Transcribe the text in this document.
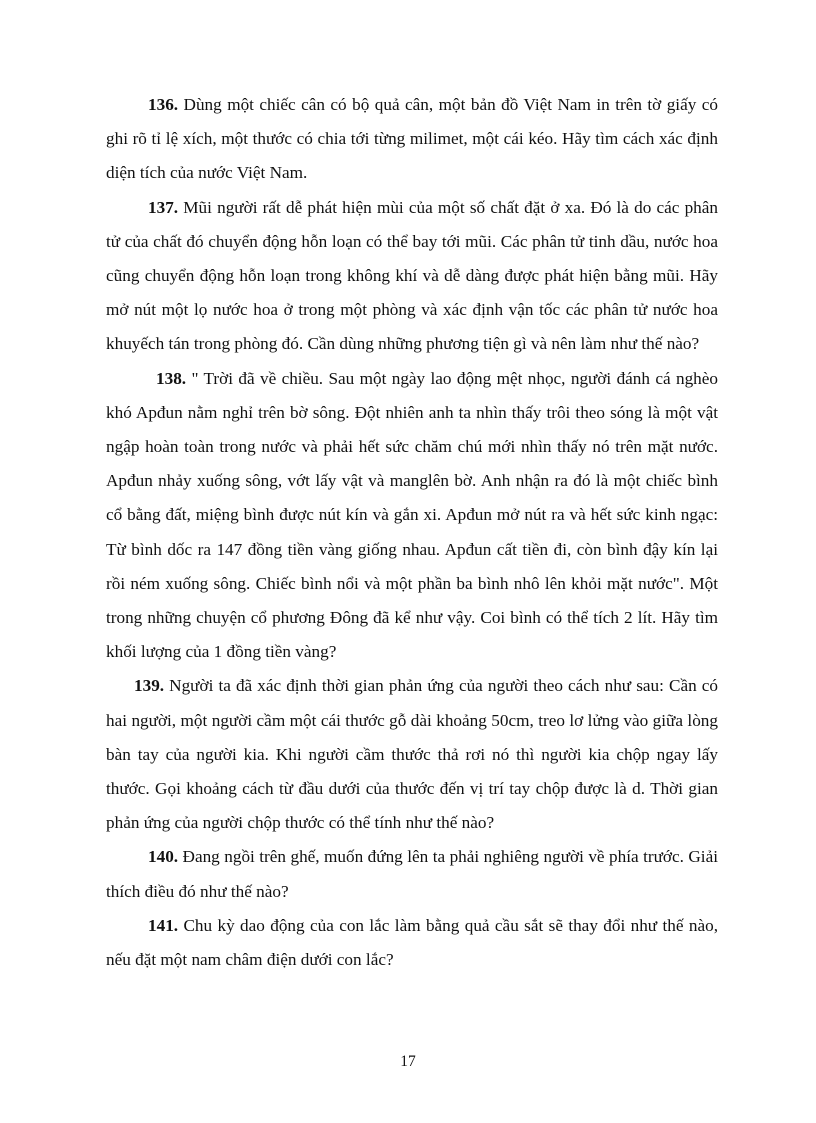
136. Dùng một chiếc cân có bộ quả cân, một bản đồ Việt Nam in trên tờ giấy có ghi rõ tỉ lệ xích, một thước có chia tới từng milimet, một cái kéo. Hãy tìm cách xác định diện tích của nước Việt Nam.

137. Mũi người rất dễ phát hiện mùi của một số chất đặt ở xa. Đó là do các phân tử của chất đó chuyển động hỗn loạn có thể bay tới mũi. Các phân tử tinh dầu, nước hoa cũng chuyển động hỗn loạn trong không khí và dễ dàng được phát hiện bằng mũi. Hãy mở nút một lọ nước hoa ở trong một phòng và xác định vận tốc các phân tử nước hoa khuyếch tán trong phòng đó. Cần dùng những phương tiện gì và nên làm như thế nào?

138. " Trời đã về chiều. Sau một ngày lao động mệt nhọc, người đánh cá nghèo khó Apđun nằm nghỉ trên bờ sông. Đột nhiên anh ta nhìn thấy trôi theo sóng là một vật ngập hoàn toàn trong nước và phải hết sức chăm chú mới nhìn thấy nó trên mặt nước. Apđun nhảy xuống sông, vớt lấy vật và manglên bờ. Anh nhận ra đó là một chiếc bình cổ bằng đất, miệng bình được nút kín và gắn xi. Apđun mở nút ra và hết sức kinh ngạc: Từ bình dốc ra 147 đồng tiền vàng giống nhau. Apđun cất tiền đi, còn bình đậy kín lại rồi ném xuống sông. Chiếc bình nổi và một phần ba bình nhô lên khỏi mặt nước". Một trong những chuyện cổ phương Đông đã kể như vậy. Coi bình có thể tích 2 lít. Hãy tìm khối lượng của 1 đồng tiền vàng?

139. Người ta đã xác định thời gian phản ứng của người theo cách như sau: Cần có hai người, một người cầm một cái thước gỗ dài khoảng 50cm, treo lơ lửng vào giữa lòng bàn tay của người kia. Khi người cầm thước thả rơi nó thì người kia chộp ngay lấy thước. Gọi khoảng cách từ đầu dưới của thước đến vị trí tay chộp được là d. Thời gian phản ứng của người chộp thước có thể tính như thế nào?

140. Đang ngồi trên ghế, muốn đứng lên ta phải nghiêng người về phía trước. Giải thích điều đó như thế nào?

141. Chu kỳ dao động của con lắc làm bằng quả cầu sắt sẽ thay đổi như thế nào, nếu đặt một nam châm điện dưới con lắc?

17
